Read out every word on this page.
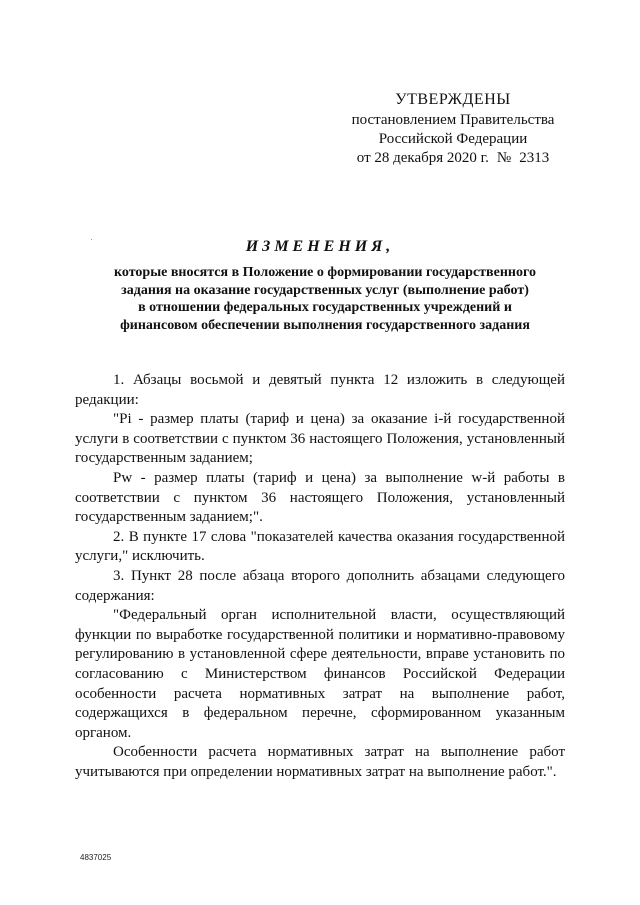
УТВЕРЖДЕНЫ
постановлением Правительства
Российской Федерации
от 28 декабря 2020 г. № 2313
ИЗМЕНЕНИЯ,
которые вносятся в Положение о формировании государственного
задания на оказание государственных услуг (выполнение работ)
в отношении федеральных государственных учреждений и
финансовом обеспечении выполнения государственного задания

1. Абзацы восьмой и девятый пункта 12 изложить в следующей редакции:

"Pi - размер платы (тариф и цена) за оказание i-й государственной услуги в соответствии с пунктом 36 настоящего Положения, установленный государственным заданием;

Pw - размер платы (тариф и цена) за выполнение w-й работы в соответствии с пунктом 36 настоящего Положения, установленный государственным заданием;".

2. В пункте 17 слова "показателей качества оказания государственной услуги," исключить.

3. Пункт 28 после абзаца второго дополнить абзацами следующего содержания:

"Федеральный орган исполнительной власти, осуществляющий функции по выработке государственной политики и нормативно-правовому регулированию в установленной сфере деятельности, вправе установить по согласованию с Министерством финансов Российской Федерации особенности расчета нормативных затрат на выполнение работ, содержащихся в федеральном перечне, сформированном указанным органом.

Особенности расчета нормативных затрат на выполнение работ учитываются при определении нормативных затрат на выполнение работ.".

4837025
